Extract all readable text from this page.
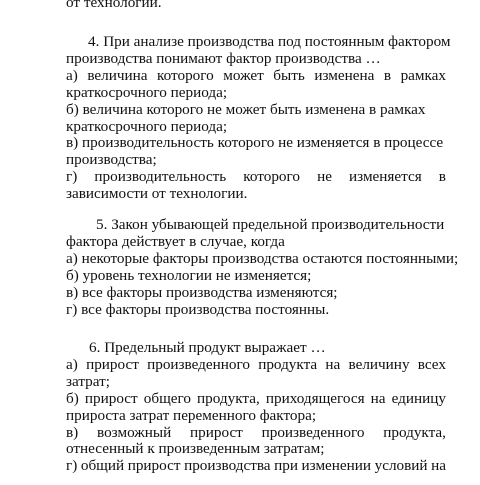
от технологии.
4. При анализе производства под постоянным фактором
производства понимают фактор производства …
а) величина которого может быть изменена в рамках
краткосрочного периода;
б) величина которого не может быть изменена в рамках
краткосрочного периода;
в) производительность которого не изменяется в процессе
производства;
г) производительность которого не изменяется в
зависимости от технологии.
5. Закон убывающей предельной производительности
фактора действует в случае, когда
а) некоторые факторы производства остаются постоянными;
б) уровень технологии не изменяется;
в) все факторы производства изменяются;
г) все факторы производства постоянны.
6. Предельный продукт выражает …
а) прирост произведенного продукта на величину всех
затрат;
б) прирост общего продукта, приходящегося на единицу
прироста затрат переменного фактора;
в) возможный прирост произведенного продукта,
отнесенный к произведенным затратам;
г) общий прирост производства при изменении условий на
